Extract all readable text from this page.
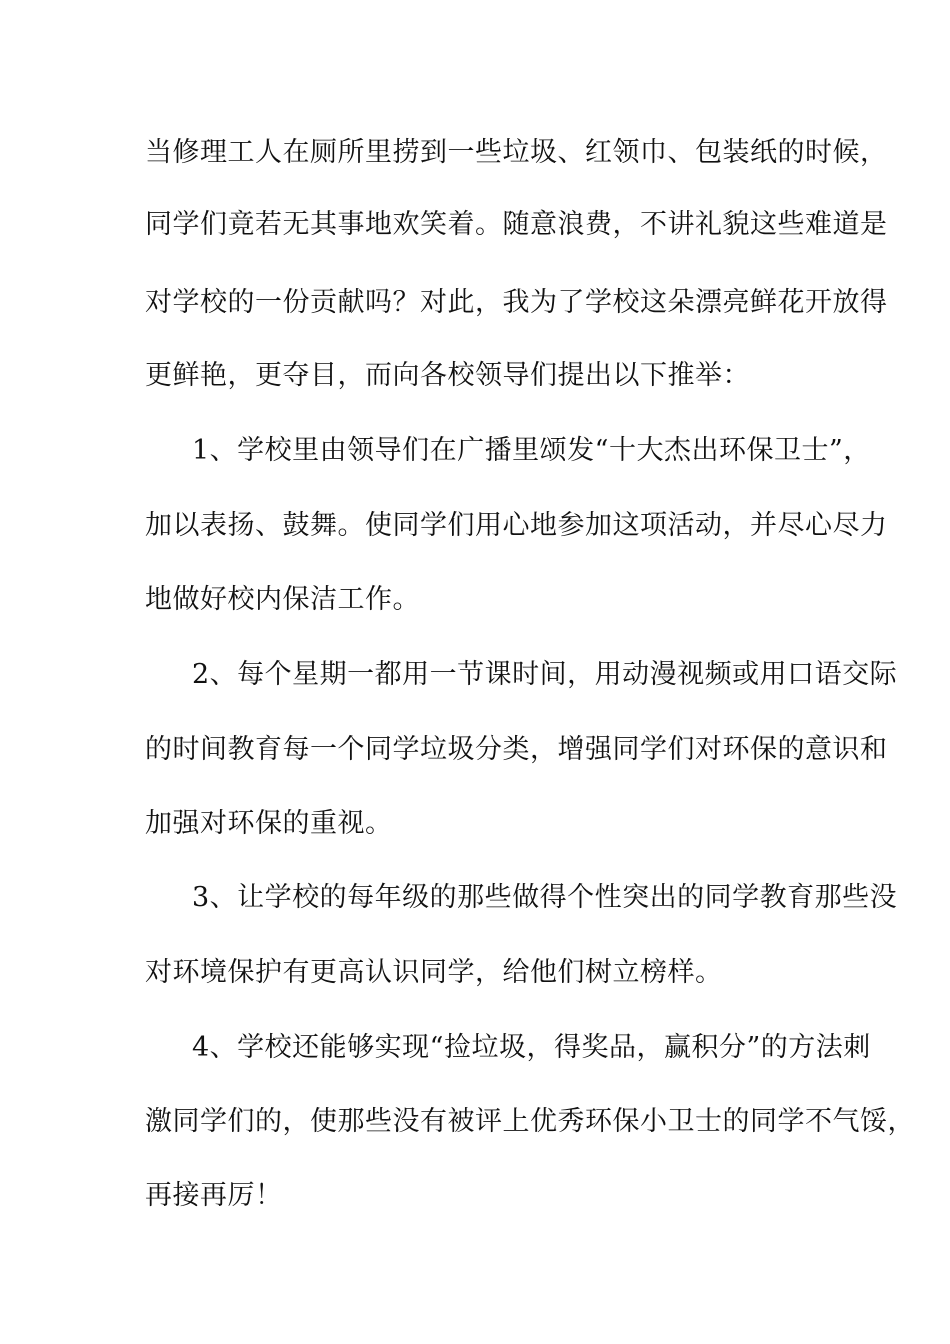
当修理工人在厕所里捞到一些垃圾、红领巾、包装纸的时候，
同学们竟若无其事地欢笑着。随意浪费，不讲礼貌这些难道是
对学校的一份贡献吗？对此，我为了学校这朵漂亮鲜花开放得
更鲜艳，更夺目，而向各校领导们提出以下推举：
1、学校里由领导们在广播里颂发“十大杰出环保卫士”，
加以表扬、鼓舞。使同学们用心地参加这项活动，并尽心尽力
地做好校内保洁工作。
2、每个星期一都用一节课时间，用动漫视频或用口语交际
的时间教育每一个同学垃圾分类，增强同学们对环保的意识和
加强对环保的重视。
3、让学校的每年级的那些做得个性突出的同学教育那些没
对环境保护有更高认识同学，给他们树立榜样。
4、学校还能够实现“捡垃圾，得奖品，赢积分”的方法刺
激同学们的，使那些没有被评上优秀环保小卫士的同学不气馁，
再接再厉！
